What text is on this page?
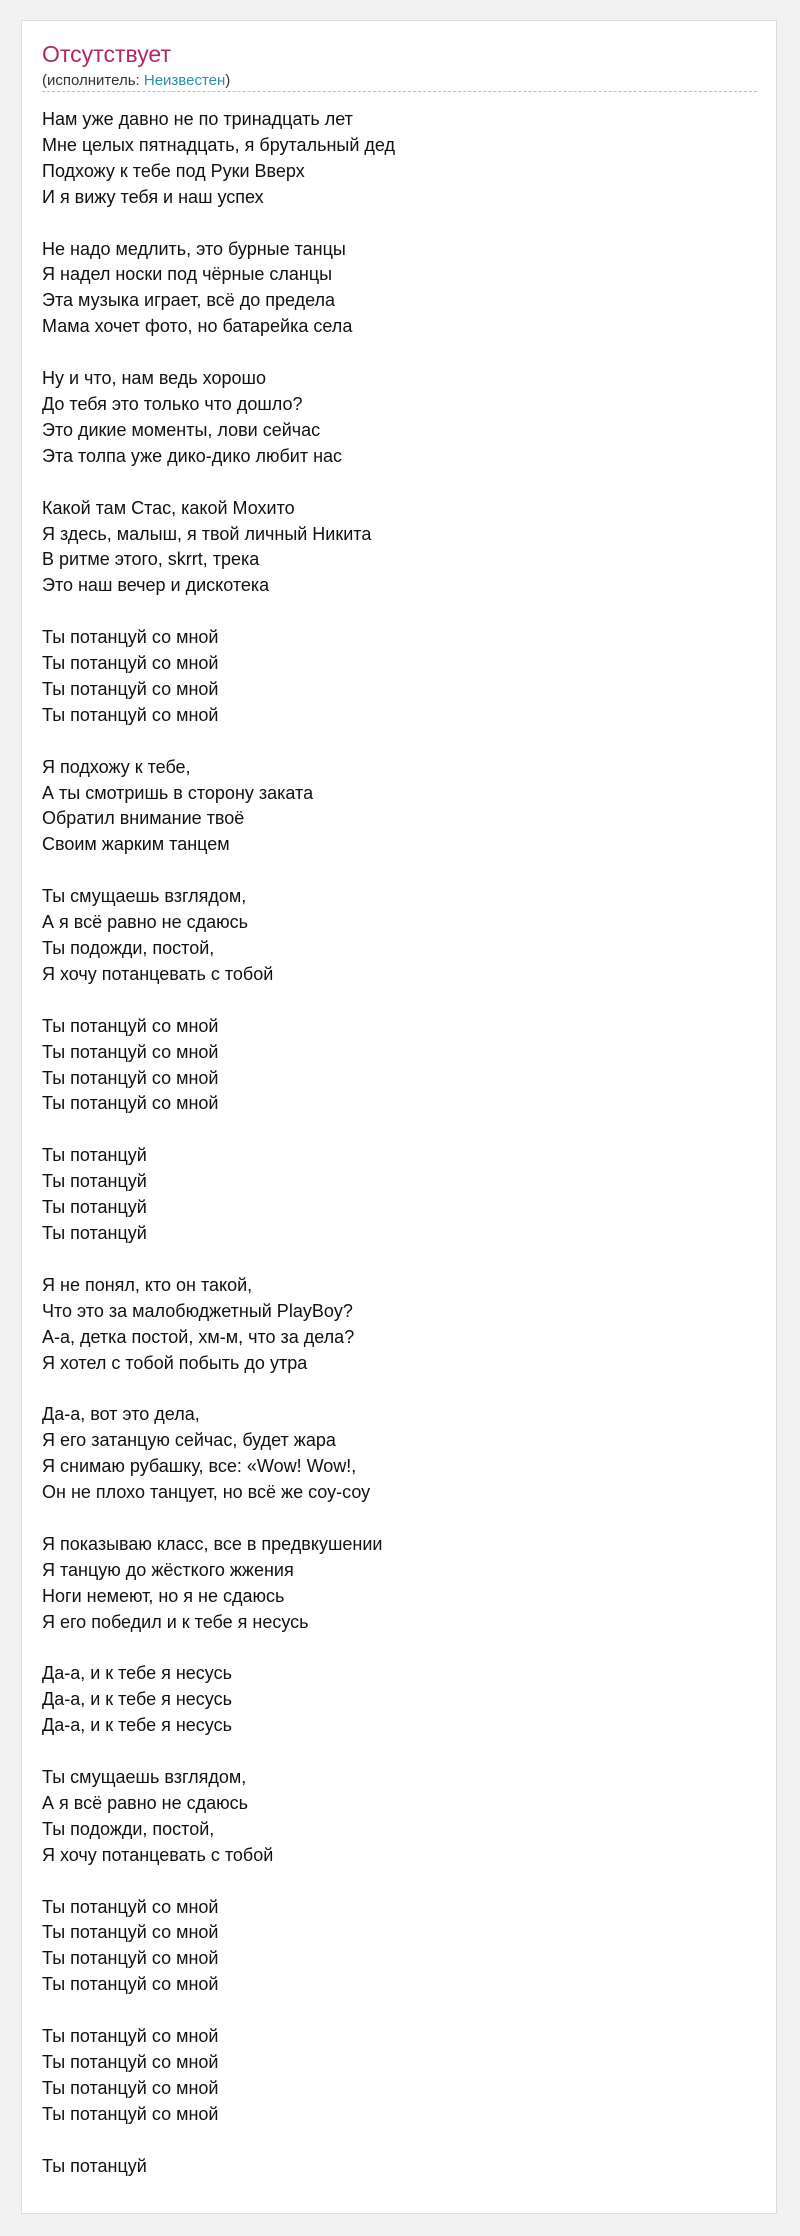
Отсутствует
(исполнитель: Неизвестен)
Нам уже давно не по тринадцать лет
Мне целых пятнадцать, я брутальный дед
Подхожу к тебе под Руки Вверх
И я вижу тебя и наш успех

Не надо медлить, это бурные танцы
Я надел носки под чёрные сланцы
Эта музыка играет, всё до предела
Мама хочет фото, но батарейка села

Ну и что, нам ведь хорошо
До тебя это только что дошло?
Это дикие моменты, лови сейчас
Эта толпа уже дико-дико любит нас

Какой там Стас, какой Мохито
Я здесь, малыш, я твой личный Никита
В ритме этого, skrrt, трека
Это наш вечер и дискотека

Ты потанцуй со мной
Ты потанцуй со мной
Ты потанцуй со мной
Ты потанцуй со мной

Я подхожу к тебе,
А ты смотришь в сторону заката
Обратил внимание твоё
Своим жарким танцем

Ты смущаешь взглядом,
А я всё равно не сдаюсь
Ты подожди, постой,
Я хочу потанцевать с тобой

Ты потанцуй со мной
Ты потанцуй со мной
Ты потанцуй со мной
Ты потанцуй со мной

Ты потанцуй
Ты потанцуй
Ты потанцуй
Ты потанцуй

Я не понял, кто он такой,
Что это за малобюджетный PlayBoy?
А-а, детка постой, хм-м, что за дела?
Я хотел с тобой побыть до утра

Да-а, вот это дела,
Я его затанцую сейчас, будет жара
Я снимаю рубашку, все: «Wow! Wow!,
Он не плохо танцует, но всё же соу-соу

Я показываю класс, все в предвкушении
Я танцую до жёсткого жжения
Ноги немеют, но я не сдаюсь
Я его победил и к тебе я несусь

Да-а, и к тебе я несусь
Да-а, и к тебе я несусь
Да-а, и к тебе я несусь

Ты смущаешь взглядом,
А я всё равно не сдаюсь
Ты подожди, постой,
Я хочу потанцевать с тобой

Ты потанцуй со мной
Ты потанцуй со мной
Ты потанцуй со мной
Ты потанцуй со мной

Ты потанцуй со мной
Ты потанцуй со мной
Ты потанцуй со мной
Ты потанцуй со мной

Ты потанцуй
